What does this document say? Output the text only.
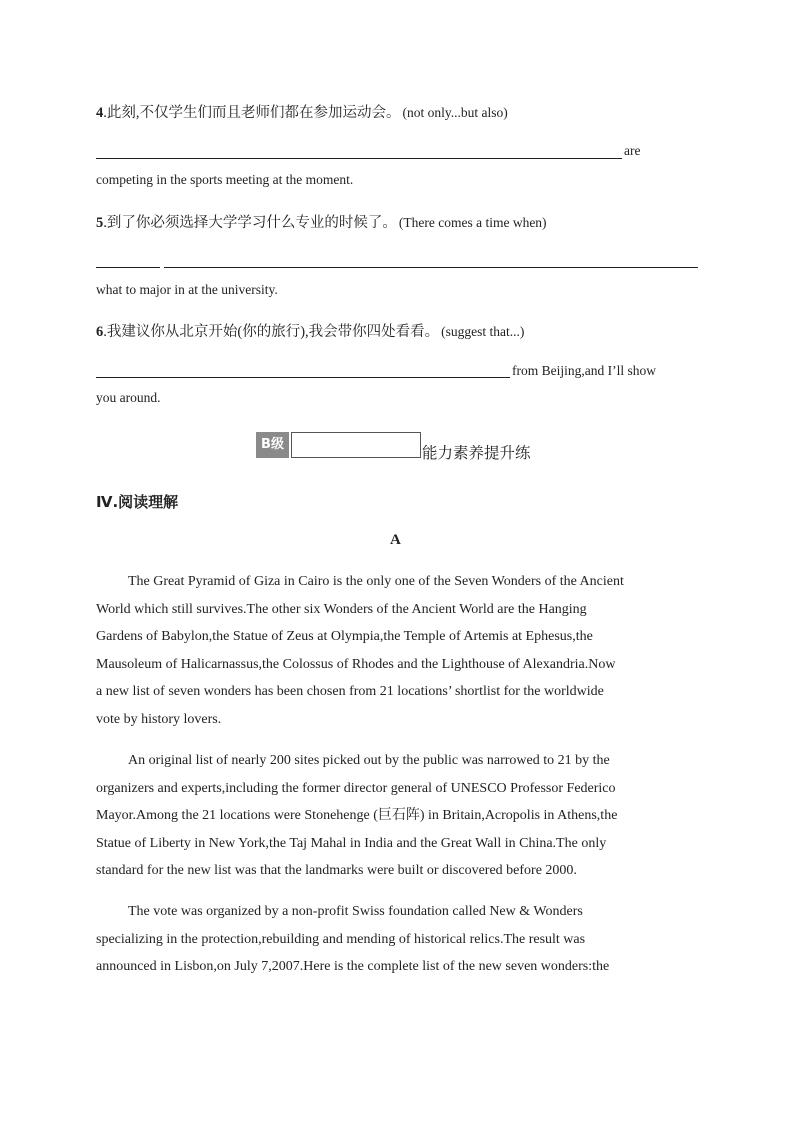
4.此刻,不仅学生们而且老师们都在参加运动会。 (not only...but also)
are
competing in the sports meeting at the moment.
5.到了你必须选择大学学习什么专业的时候了。 (There comes a time when)
what to major in at the university.
6.我建议你从北京开始(你的旅行),我会带你四处看看。 (suggest that...)
from Beijing,and I’ll show
you around.
B级	能力素养提升练
Ⅳ.阅读理解
A
The Great Pyramid of Giza in Cairo is the only one of the Seven Wonders of the Ancient
World which still survives.The other six Wonders of the Ancient World are the Hanging
Gardens of Babylon,the Statue of Zeus at Olympia,the Temple of Artemis at Ephesus,the
Mausoleum of Halicarnassus,the Colossus of Rhodes and the Lighthouse of Alexandria.Now
a new list of seven wonders has been chosen from 21 locations’ shortlist for the worldwide
vote by history lovers.
An original list of nearly 200 sites picked out by the public was narrowed to 21 by the
organizers and experts,including the former director general of UNESCO Professor Federico
Mayor.Among the 21 locations were Stonehenge (巨石阵) in Britain,Acropolis in Athens,the
Statue of Liberty in New York,the Taj Mahal in India and the Great Wall in China.The only
standard for the new list was that the landmarks were built or discovered before 2000.
The vote was organized by a non-profit Swiss foundation called New & Wonders
specializing in the protection,rebuilding and mending of historical relics.The result was
announced in Lisbon,on July 7,2007.Here is the complete list of the new seven wonders:the
